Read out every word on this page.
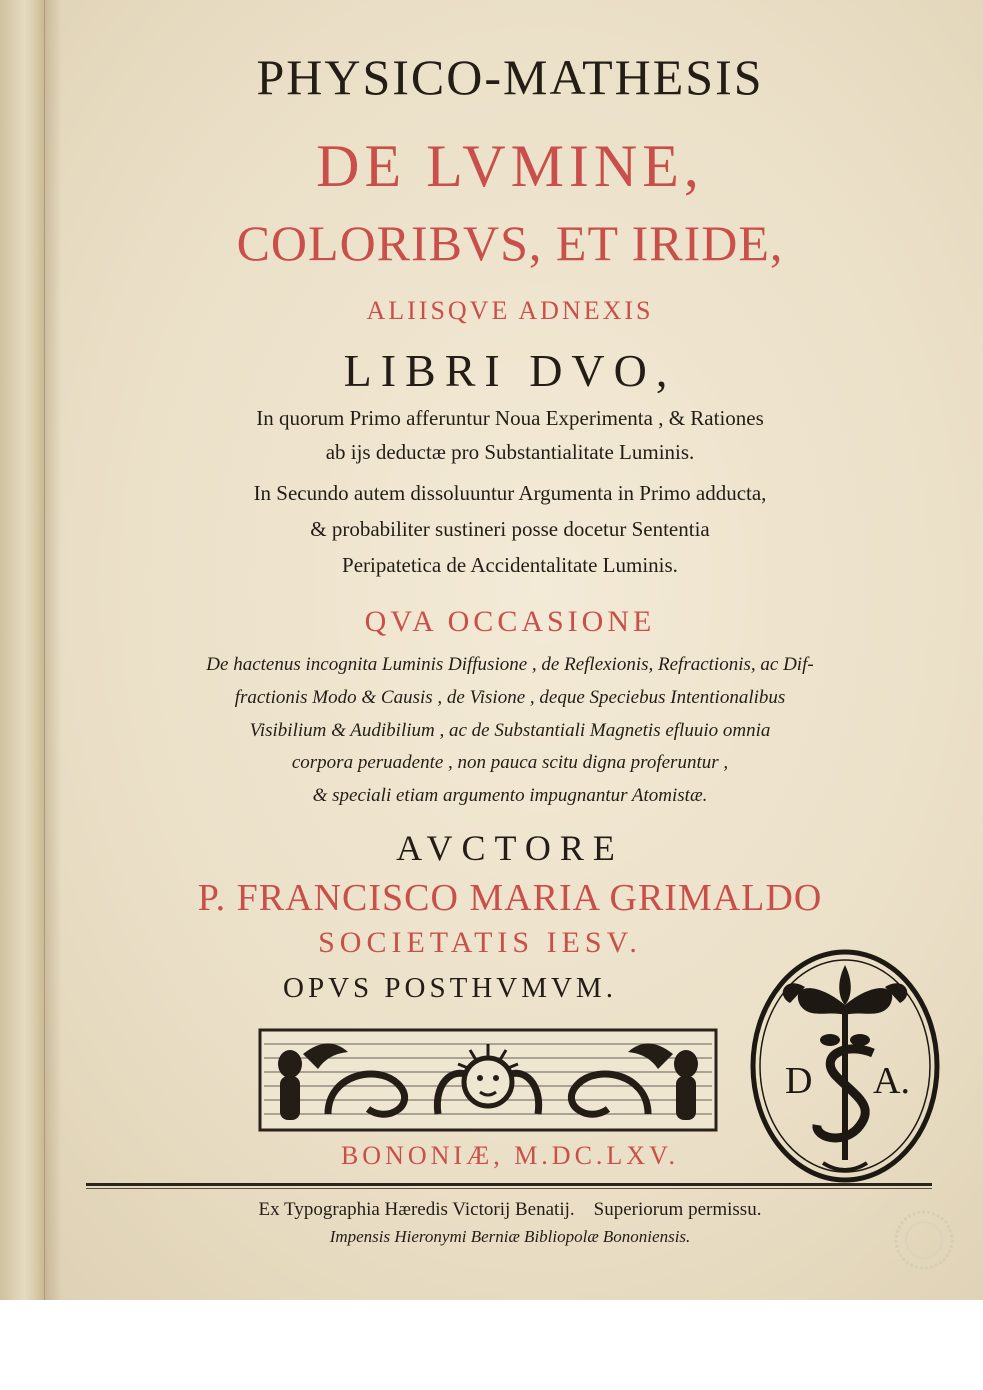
PHYSICO-MATHESIS
DE LVMINE,
COLORIBVS, ET IRIDE,
ALIISQVE ADNEXIS
LIBRI DVO,
In quorum Primo afferuntur Noua Experimenta , & Rationes
ab ijs deductæ pro Substantialitate Luminis.
In Secundo autem dissoluuntur Argumenta in Primo adducta,
& probabiliter sustineri posse docetur Sententia
Peripatetica de Accidentalitate Luminis.
QVA OCCASIONE
De hactenus incognita Luminis Diffusione , de Reflexionis, Refractionis, ac Dif-
fractionis Modo & Causis , de Visione , deque Speciebus Intentionalibus
Visibilium & Audibilium , ac de Substantiali Magnetis efluuio omnia
corpora peruadente , non pauca scitu digna proferuntur ,
& speciali etiam argumento impugnantur Atomistæ.
AVCTORE
P. FRANCISCO MARIA GRIMALDO
SOCIETATIS IESV.
OPVS POSTHVMVM.
D A.
BONONIÆ, M.DC.LXV.
Ex Typographia Hæredis Victorij Benatij.    Superiorum permissu.
Impensis Hieronymi Berniæ Bibliopolæ Bononiensis.
